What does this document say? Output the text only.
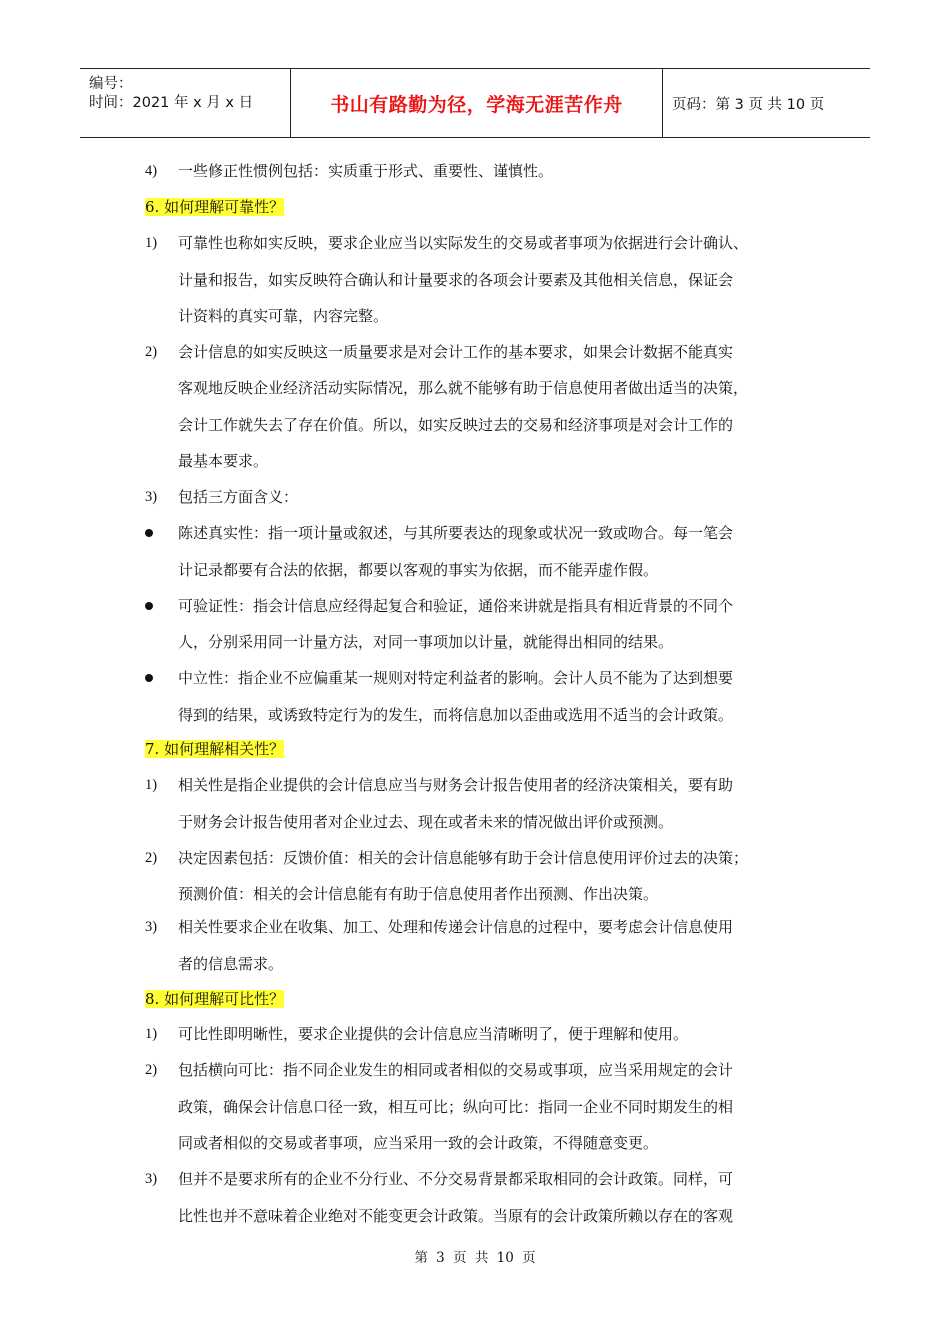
编号：
时间：2021 年 x 月 x 日	书山有路勤为径，学海无涯苦作舟	页码：第 3 页 共 10 页
4) 一些修正性惯例包括：实质重于形式、重要性、谨慎性。
6. 如何理解可靠性？
1) 可靠性也称如实反映，要求企业应当以实际发生的交易或者事项为依据进行会计确认、
计量和报告，如实反映符合确认和计量要求的各项会计要素及其他相关信息，保证会
计资料的真实可靠，内容完整。
2) 会计信息的如实反映这一质量要求是对会计工作的基本要求，如果会计数据不能真实
客观地反映企业经济活动实际情况，那么就不能够有助于信息使用者做出适当的决策，
会计工作就失去了存在价值。所以，如实反映过去的交易和经济事项是对会计工作的
最基本要求。
3) 包括三方面含义：
陈述真实性：指一项计量或叙述，与其所要表达的现象或状况一致或吻合。每一笔会
计记录都要有合法的依据，都要以客观的事实为依据，而不能弄虚作假。
可验证性：指会计信息应经得起复合和验证，通俗来讲就是指具有相近背景的不同个
人，分别采用同一计量方法，对同一事项加以计量，就能得出相同的结果。
中立性：指企业不应偏重某一规则对特定利益者的影响。会计人员不能为了达到想要
得到的结果，或诱致特定行为的发生，而将信息加以歪曲或选用不适当的会计政策。
7. 如何理解相关性？
1) 相关性是指企业提供的会计信息应当与财务会计报告使用者的经济决策相关，要有助
于财务会计报告使用者对企业过去、现在或者未来的情况做出评价或预测。
2) 决定因素包括：反馈价值：相关的会计信息能够有助于会计信息使用评价过去的决策；
预测价值：相关的会计信息能有有助于信息使用者作出预测、作出决策。
3) 相关性要求企业在收集、加工、处理和传递会计信息的过程中，要考虑会计信息使用
者的信息需求。
8. 如何理解可比性？
1) 可比性即明晰性，要求企业提供的会计信息应当清晰明了，便于理解和使用。
2) 包括横向可比：指不同企业发生的相同或者相似的交易或事项，应当采用规定的会计
政策，确保会计信息口径一致，相互可比；纵向可比：指同一企业不同时期发生的相
同或者相似的交易或者事项，应当采用一致的会计政策，不得随意变更。
3) 但并不是要求所有的企业不分行业、不分交易背景都采取相同的会计政策。同样，可
比性也并不意味着企业绝对不能变更会计政策。当原有的会计政策所赖以存在的客观
第 3 页 共 10 页
